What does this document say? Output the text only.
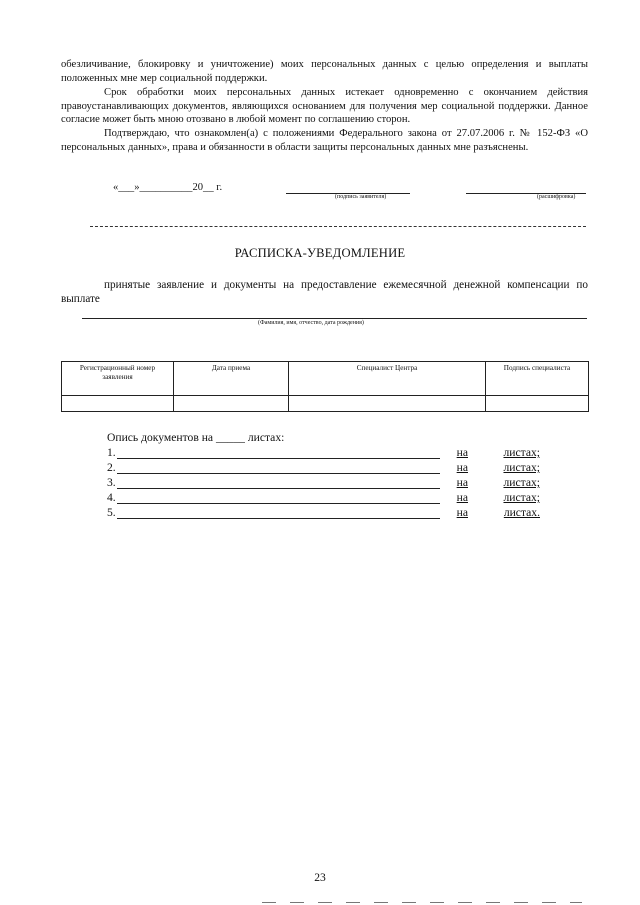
обезличивание, блокировку и уничтожение) моих персональных данных с целью определения и выплаты положенных мне мер социальной поддержки.
Срок обработки моих персональных данных истекает одновременно с окончанием действия правоустанавливающих документов, являющихся основанием для получения мер социальной поддержки. Данное согласие может быть мною отозвано в любой момент по соглашению сторон.
Подтверждаю, что ознакомлен(а) с положениями Федерального закона от 27.07.2006 г. № 152-ФЗ «О персональных данных», права и обязанности в области защиты персональных данных мне разъяснены.
«___»__________20__ г.
(подпись заявителя)	(расшифровка)
РАСПИСКА-УВЕДОМЛЕНИЕ
принятые заявление и документы на предоставление ежемесячной денежной компенсации по выплате
(Фамилия, имя, отчество, дата рождения)
Регистрационный номер заявления	Дата приема	Специалист Центра	Подпись специалиста

Опись документов на _____ листах:
1.	на	листах;
2.	на	листах;
3.	на	листах;
4.	на	листах;
5.	на	листах.
23
